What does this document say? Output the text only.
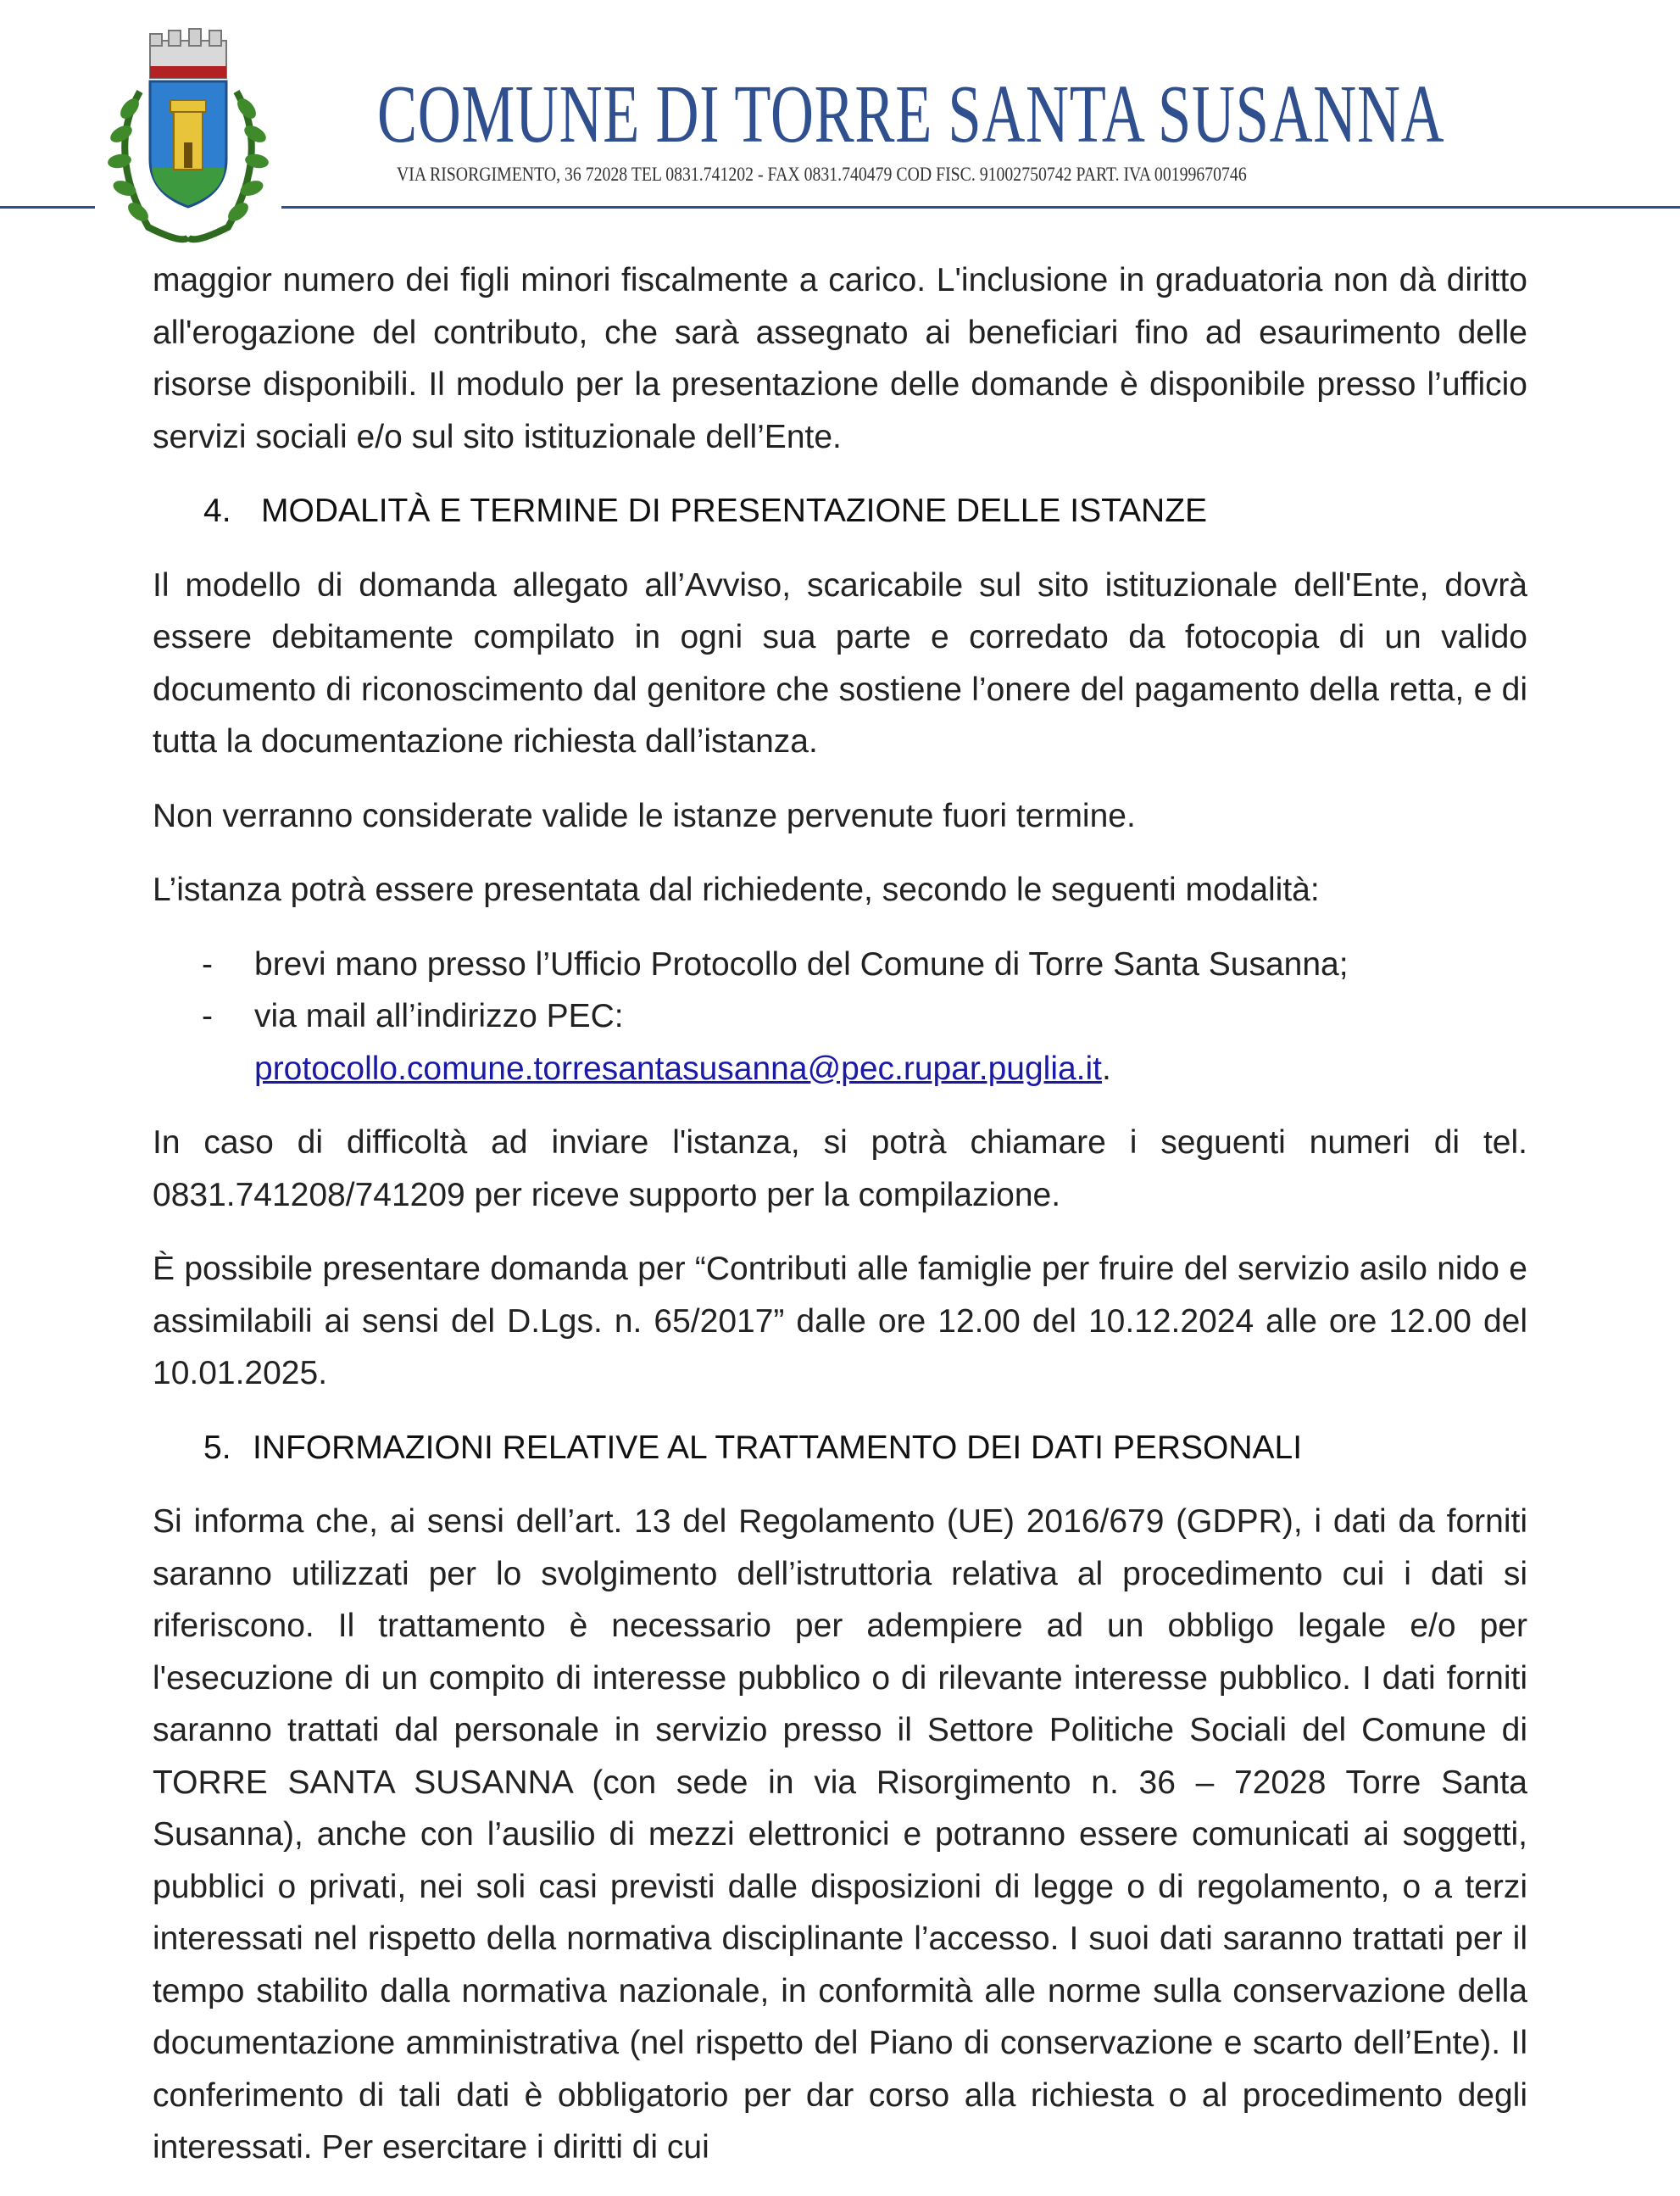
COMUNE DI TORRE SANTA SUSANNA
VIA RISORGIMENTO, 36 72028 TEL 0831.741202 - FAX 0831.740479 COD FISC. 91002750742 PART. IVA 00199670746

maggior numero dei figli minori fiscalmente a carico. L'inclusione in graduatoria non dà diritto all'erogazione del contributo, che sarà assegnato ai beneficiari fino ad esaurimento delle risorse disponibili. Il modulo per la presentazione delle domande è disponibile presso l’ufficio servizi sociali e/o sul sito istituzionale dell’Ente.

4. MODALITÀ E TERMINE DI PRESENTAZIONE DELLE ISTANZE

Il modello di domanda allegato all’Avviso, scaricabile sul sito istituzionale dell'Ente, dovrà essere debitamente compilato in ogni sua parte e corredato da fotocopia di un valido documento di riconoscimento dal genitore che sostiene l’onere del pagamento della retta, e di tutta la documentazione richiesta dall’istanza.

Non verranno considerate valide le istanze pervenute fuori termine.

L’istanza potrà essere presentata dal richiedente, secondo le seguenti modalità:

- brevi mano presso l’Ufficio Protocollo del Comune di Torre Santa Susanna;
- via mail all’indirizzo PEC:
protocollo.comune.torresantasusanna@pec.rupar.puglia.it.

In caso di difficoltà ad inviare l'istanza, si potrà chiamare i seguenti numeri di tel. 0831.741208/741209 per riceve supporto per la compilazione.

È possibile presentare domanda per “Contributi alle famiglie per fruire del servizio asilo nido e assimilabili ai sensi del D.Lgs. n. 65/2017” dalle ore 12.00 del 10.12.2024 alle ore 12.00 del 10.01.2025.

5. INFORMAZIONI RELATIVE AL TRATTAMENTO DEI DATI PERSONALI

Si informa che, ai sensi dell’art. 13 del Regolamento (UE) 2016/679 (GDPR), i dati da forniti saranno utilizzati per lo svolgimento dell’istruttoria relativa al procedimento cui i dati si riferiscono. Il trattamento è necessario per adempiere ad un obbligo legale e/o per l'esecuzione di un compito di interesse pubblico o di rilevante interesse pubblico. I dati forniti saranno trattati dal personale in servizio presso il Settore Politiche Sociali del Comune di TORRE SANTA SUSANNA (con sede in via Risorgimento n. 36 – 72028 Torre Santa Susanna), anche con l’ausilio di mezzi elettronici e potranno essere comunicati ai soggetti, pubblici o privati, nei soli casi previsti dalle disposizioni di legge o di regolamento, o a terzi interessati nel rispetto della normativa disciplinante l’accesso. I suoi dati saranno trattati per il tempo stabilito dalla normativa nazionale, in conformità alle norme sulla conservazione della documentazione amministrativa (nel rispetto del Piano di conservazione e scarto dell’Ente). Il conferimento di tali dati è obbligatorio per dar corso alla richiesta o al procedimento degli interessati. Per esercitare i diritti di cui
